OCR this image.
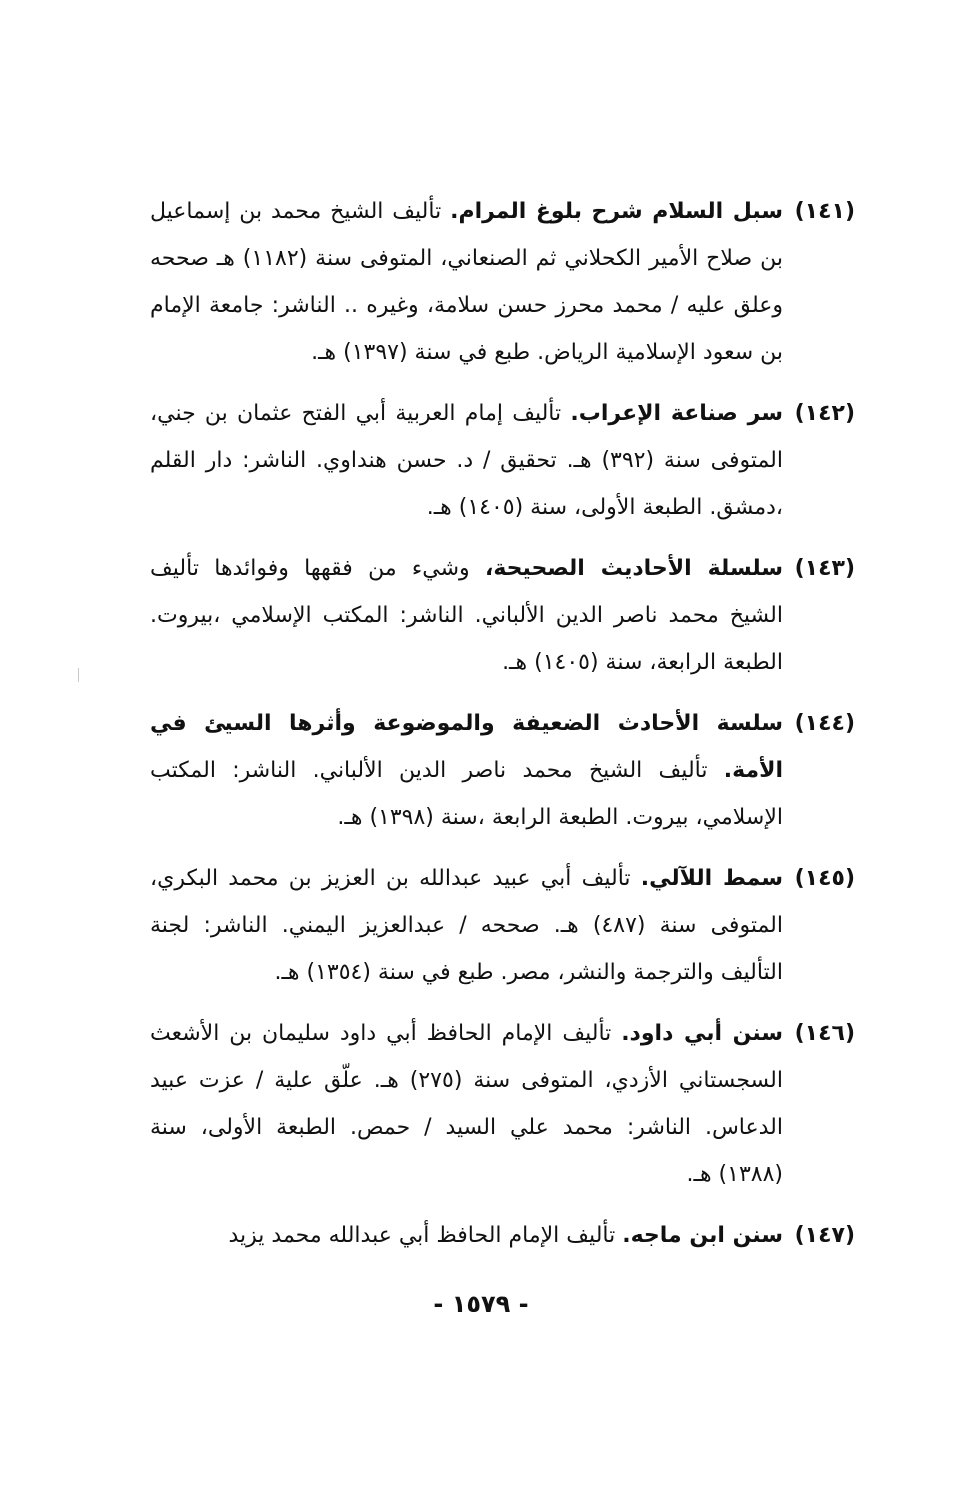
(١٤١)
سبل السلام شرح بلوغ المرام. تأليف الشيخ محمد بن إسماعيل بن صلاح الأمير الكحلاني ثم الصنعاني، المتوفى سنة (١١٨٢) هـ صححه وعلق عليه / محمد محرز حسن سلامة، وغيره .. الناشر: جامعة الإمام بن سعود الإسلامية الرياض. طبع في سنة (١٣٩٧) هـ.
(١٤٢)
سر صناعة الإعراب. تأليف إمام العربية أبي الفتح عثمان بن جني، المتوفى سنة (٣٩٢) هـ. تحقيق / د. حسن هنداوي. الناشر: دار القلم ،دمشق. الطبعة الأولى، سنة (١٤٠٥) هـ.
(١٤٣)
سلسلة الأحاديث الصحيحة، وشيء من فقهها وفوائدها تأليف الشيخ محمد ناصر الدين الألباني. الناشر: المكتب الإسلامي ،بيروت. الطبعة الرابعة، سنة (١٤٠٥) هـ.
(١٤٤)
سلسة الأحادث الضعيفة والموضوعة وأثرها السيئ في الأمة. تأليف الشيخ محمد ناصر الدين الألباني. الناشر: المكتب الإسلامي، بيروت. الطبعة الرابعة ،سنة (١٣٩٨) هـ.
(١٤٥)
سمط اللآلي. تأليف أبي عبيد عبدالله بن العزيز بن محمد البكري، المتوفى سنة (٤٨٧) هـ. صححه / عبدالعزيز اليمني. الناشر: لجنة التأليف والترجمة والنشر، مصر. طبع في سنة (١٣٥٤) هـ.
(١٤٦)
سنن أبي داود. تأليف الإمام الحافظ أبي داود سليمان بن الأشعث السجستاني الأزدي، المتوفى سنة (٢٧٥) هـ. علّق علية / عزت عبيد الدعاس. الناشر: محمد علي السيد / حمص. الطبعة الأولى، سنة (١٣٨٨) هـ.
(١٤٧)
سنن ابن ماجه. تأليف الإمام الحافظ أبي عبدالله محمد يزيد
- ١٥٧٩ -
